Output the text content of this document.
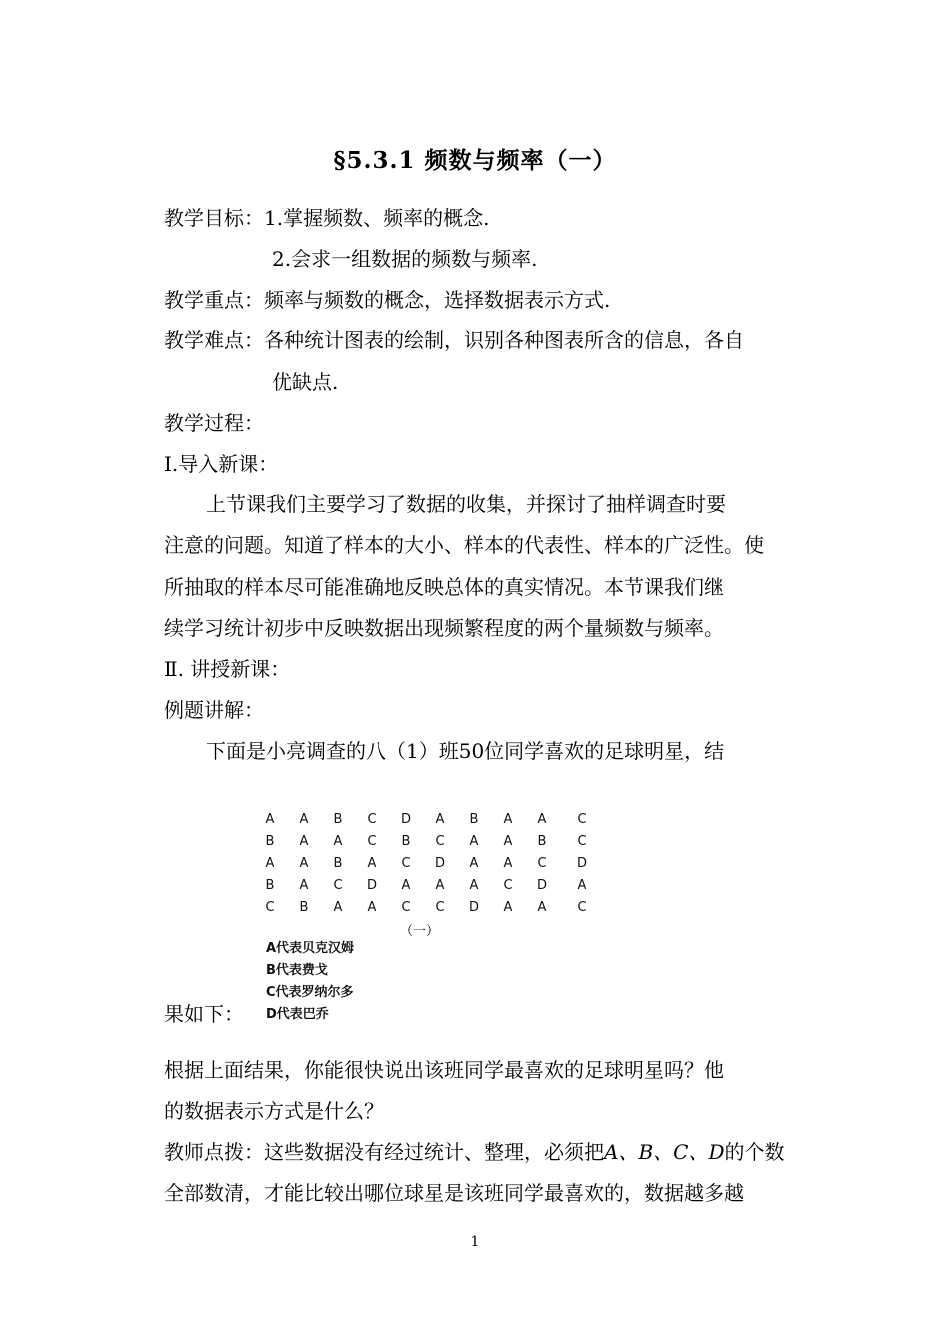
§5.3.1 频数与频率（一）
教学目标：1.掌握频数、频率的概念.
2.会求一组数据的频数与频率.
教学重点：频率与频数的概念，选择数据表示方式.
教学难点：各种统计图表的绘制，识别各种图表所含的信息，各自
优缺点.
教学过程：
Ⅰ.导入新课：
上节课我们主要学习了数据的收集，并探讨了抽样调查时要
注意的问题。知道了样本的大小、样本的代表性、样本的广泛性。使
所抽取的样本尽可能准确地反映总体的真实情况。本节课我们继
续学习统计初步中反映数据出现频繁程度的两个量频数与频率。
Ⅱ. 讲授新课：
例题讲解：
下面是小亮调查的八（1）班50位同学喜欢的足球明星，结
A	A	B	C	D	A	B	A	A	C
B	A	A	C	B	C	A	A	B	C
A	A	B	A	C	D	A	A	C	D
B	A	C	D	A	A	A	C	D	A
C	B	A	A	C	C	D	A	A	C
（一）
A代表贝克汉姆
B代表费戈
C代表罗纳尔多
D代表巴乔
果如下：
根据上面结果，你能很快说出该班同学最喜欢的足球明星吗？他
的数据表示方式是什么？
教师点拨：这些数据没有经过统计、整理，必须把A、B、C、D的个数
全部数清，才能比较出哪位球星是该班同学最喜欢的，数据越多越
1
